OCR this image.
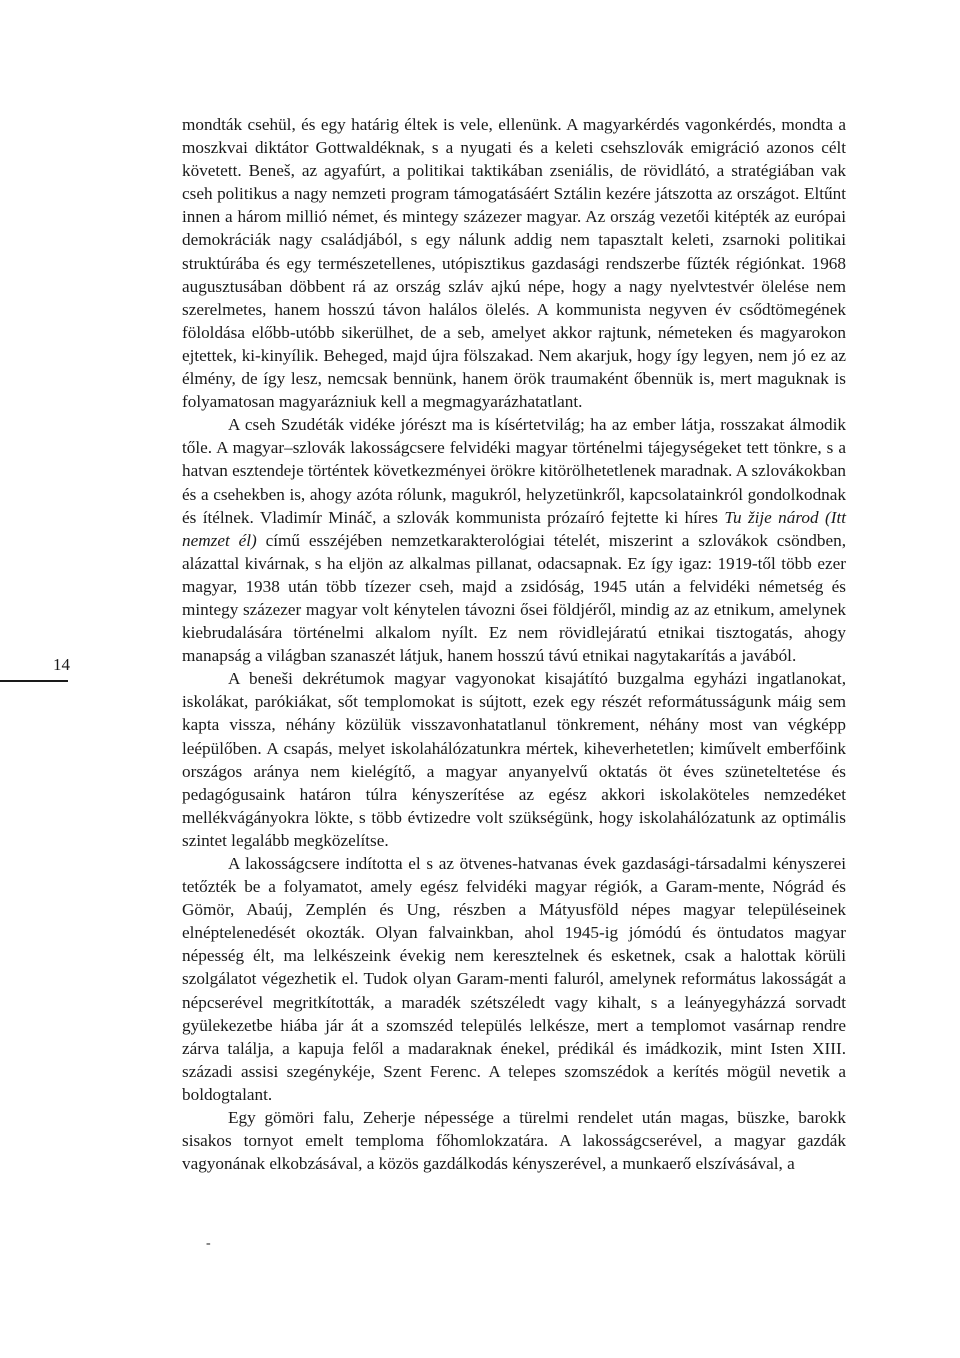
mondták csehül, és egy határig éltek is vele, ellenünk. A magyarkérdés vagonkérdés, mondta a moszkvai diktátor Gottwaldéknak, s a nyugati és a keleti csehszlovák emigráció azonos célt követett. Beneš, az agyafúrt, a politikai taktikában zseniális, de rövidlátó, a stratégiában vak cseh politikus a nagy nemzeti program támogatásáért Sztálin kezére játszotta az országot. Eltűnt innen a három millió német, és mintegy százezer magyar. Az ország vezetői kitépték az európai demokráciák nagy családjából, s egy nálunk addig nem tapasztalt keleti, zsarnoki politikai struktúrába és egy természetellenes, utópisztikus gazdasági rendszerbe fűzték régiónkat. 1968 augusztusában döbbent rá az ország szláv ajkú népe, hogy a nagy nyelvtestvér ölelése nem szerelmetes, hanem hosszú távon halálos ölelés. A kommunista negyven év csődtömegének föloldása előbb-utóbb sikerülhet, de a seb, amelyet akkor rajtunk, németeken és magyarokon ejtettek, ki-kinyílik. Beheged, majd újra fölszakad. Nem akarjuk, hogy így legyen, nem jó ez az élmény, de így lesz, nemcsak bennünk, hanem örök traumaként őbennük is, mert maguknak is folyamatosan magyarázniuk kell a megmagyarázhatatlant.

A cseh Szudéták vidéke jórészt ma is kísértetvilág; ha az ember látja, rosszakat álmodik tőle. A magyar–szlovák lakosságcsere felvidéki magyar történelmi tájegységeket tett tönkre, s a hatvan esztendeje történtek következményei örökre kitörölhetetlenek maradnak. A szlovákokban és a csehekben is, ahogy azóta rólunk, magukról, helyzetünkről, kapcsolatainkról gondolkodnak és ítélnek. Vladimír Mináč, a szlovák kommunista prózaíró fejtette ki híres Tu žije národ (Itt nemzet él) című esszéjében nemzetkarakterológiai tételét, miszerint a szlovákok csöndben, alázattal kivárnak, s ha eljön az alkalmas pillanat, odacsapnak. Ez így igaz: 1919-től több ezer magyar, 1938 után több tízezer cseh, majd a zsidóság, 1945 után a felvidéki németség és mintegy százezer magyar volt kénytelen távozni ősei földjéről, mindig az az etnikum, amelynek kiebrudalására történelmi alkalom nyílt. Ez nem rövidlejáratú etnikai tisztogatás, ahogy manapság a világban szanaszét látjuk, hanem hosszú távú etnikai nagytakarítás a javából.

A beneši dekrétumok magyar vagyonokat kisajátító buzgalma egyházi ingatlanokat, iskolákat, parókiákat, sőt templomokat is sújtott, ezek egy részét reformátusságunk máig sem kapta vissza, néhány közülük visszavonhatatlanul tönkrement, néhány most van végképp leépülőben. A csapás, melyet iskolahálózatunkra mértek, kiheverhetetlen; kiművelt emberfőink országos aránya nem kielégítő, a magyar anyanyelvű oktatás öt éves szüneteltetése és pedagógusaink határon túlra kényszerítése az egész akkori iskolaköteles nemzedéket mellékvágányokra lökte, s több évtizedre volt szükségünk, hogy iskolahálózatunk az optimális szintet legalább megközelítse.

A lakosságcsere indította el s az ötvenes-hatvanas évek gazdasági-társadalmi kényszerei tetőzték be a folyamatot, amely egész felvidéki magyar régiók, a Garam-mente, Nógrád és Gömör, Abaúj, Zemplén és Ung, részben a Mátyusföld népes magyar településeinek elnéptelenedését okozták. Olyan falvainkban, ahol 1945-ig jómódú és öntudatos magyar népesség élt, ma lelkészeink évekig nem keresztelnek és esketnek, csak a halottak körüli szolgálatot végezhetik el. Tudok olyan Garam-menti faluról, amelynek református lakosságát a népcserével megritkították, a maradék szétszéledt vagy kihalt, s a leányegyházzá sorvadt gyülekezetbe hiába jár át a szomszéd település lelkésze, mert a templomot vasárnap rendre zárva találja, a kapuja felől a madaraknak énekel, prédikál és imádkozik, mint Isten XIII. századi assisi szegénykéje, Szent Ferenc. A telepes szomszédok a kerítés mögül nevetik a boldogtalant.

Egy gömöri falu, Zeherje népessége a türelmi rendelet után magas, büszke, barokk sisakos tornyot emelt temploma főhomlokzatára. A lakosságcserével, a magyar gazdák vagyonának elkobzásával, a közös gazdálkodás kényszerével, a munkaerő elszívásával, a

14
-
